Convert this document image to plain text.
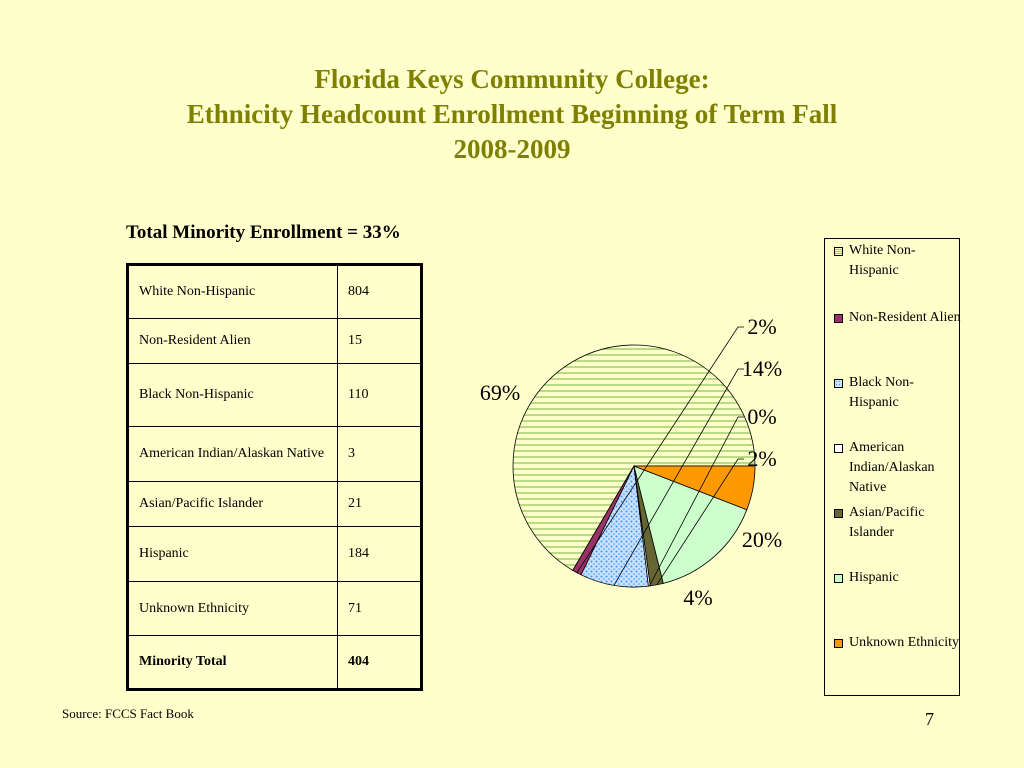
Florida Keys Community College:
Ethnicity Headcount Enrollment Beginning of Term Fall
2008-2009
Total Minority Enrollment = 33%
White Non-Hispanic	804
Non-Resident Alien	15
Black Non-Hispanic	110
American Indian/Alaskan Native	3
Asian/Pacific Islander	21
Hispanic	184
Unknown Ethnicity	71
Minority Total	404
69%
2%
14%
0%
2%
20%
4%
White Non-Hispanic
Non-Resident Alien
Black Non-Hispanic
American Indian/Alaskan Native
Asian/Pacific Islander
Hispanic
Unknown Ethnicity
Source: FCCS Fact Book	7
